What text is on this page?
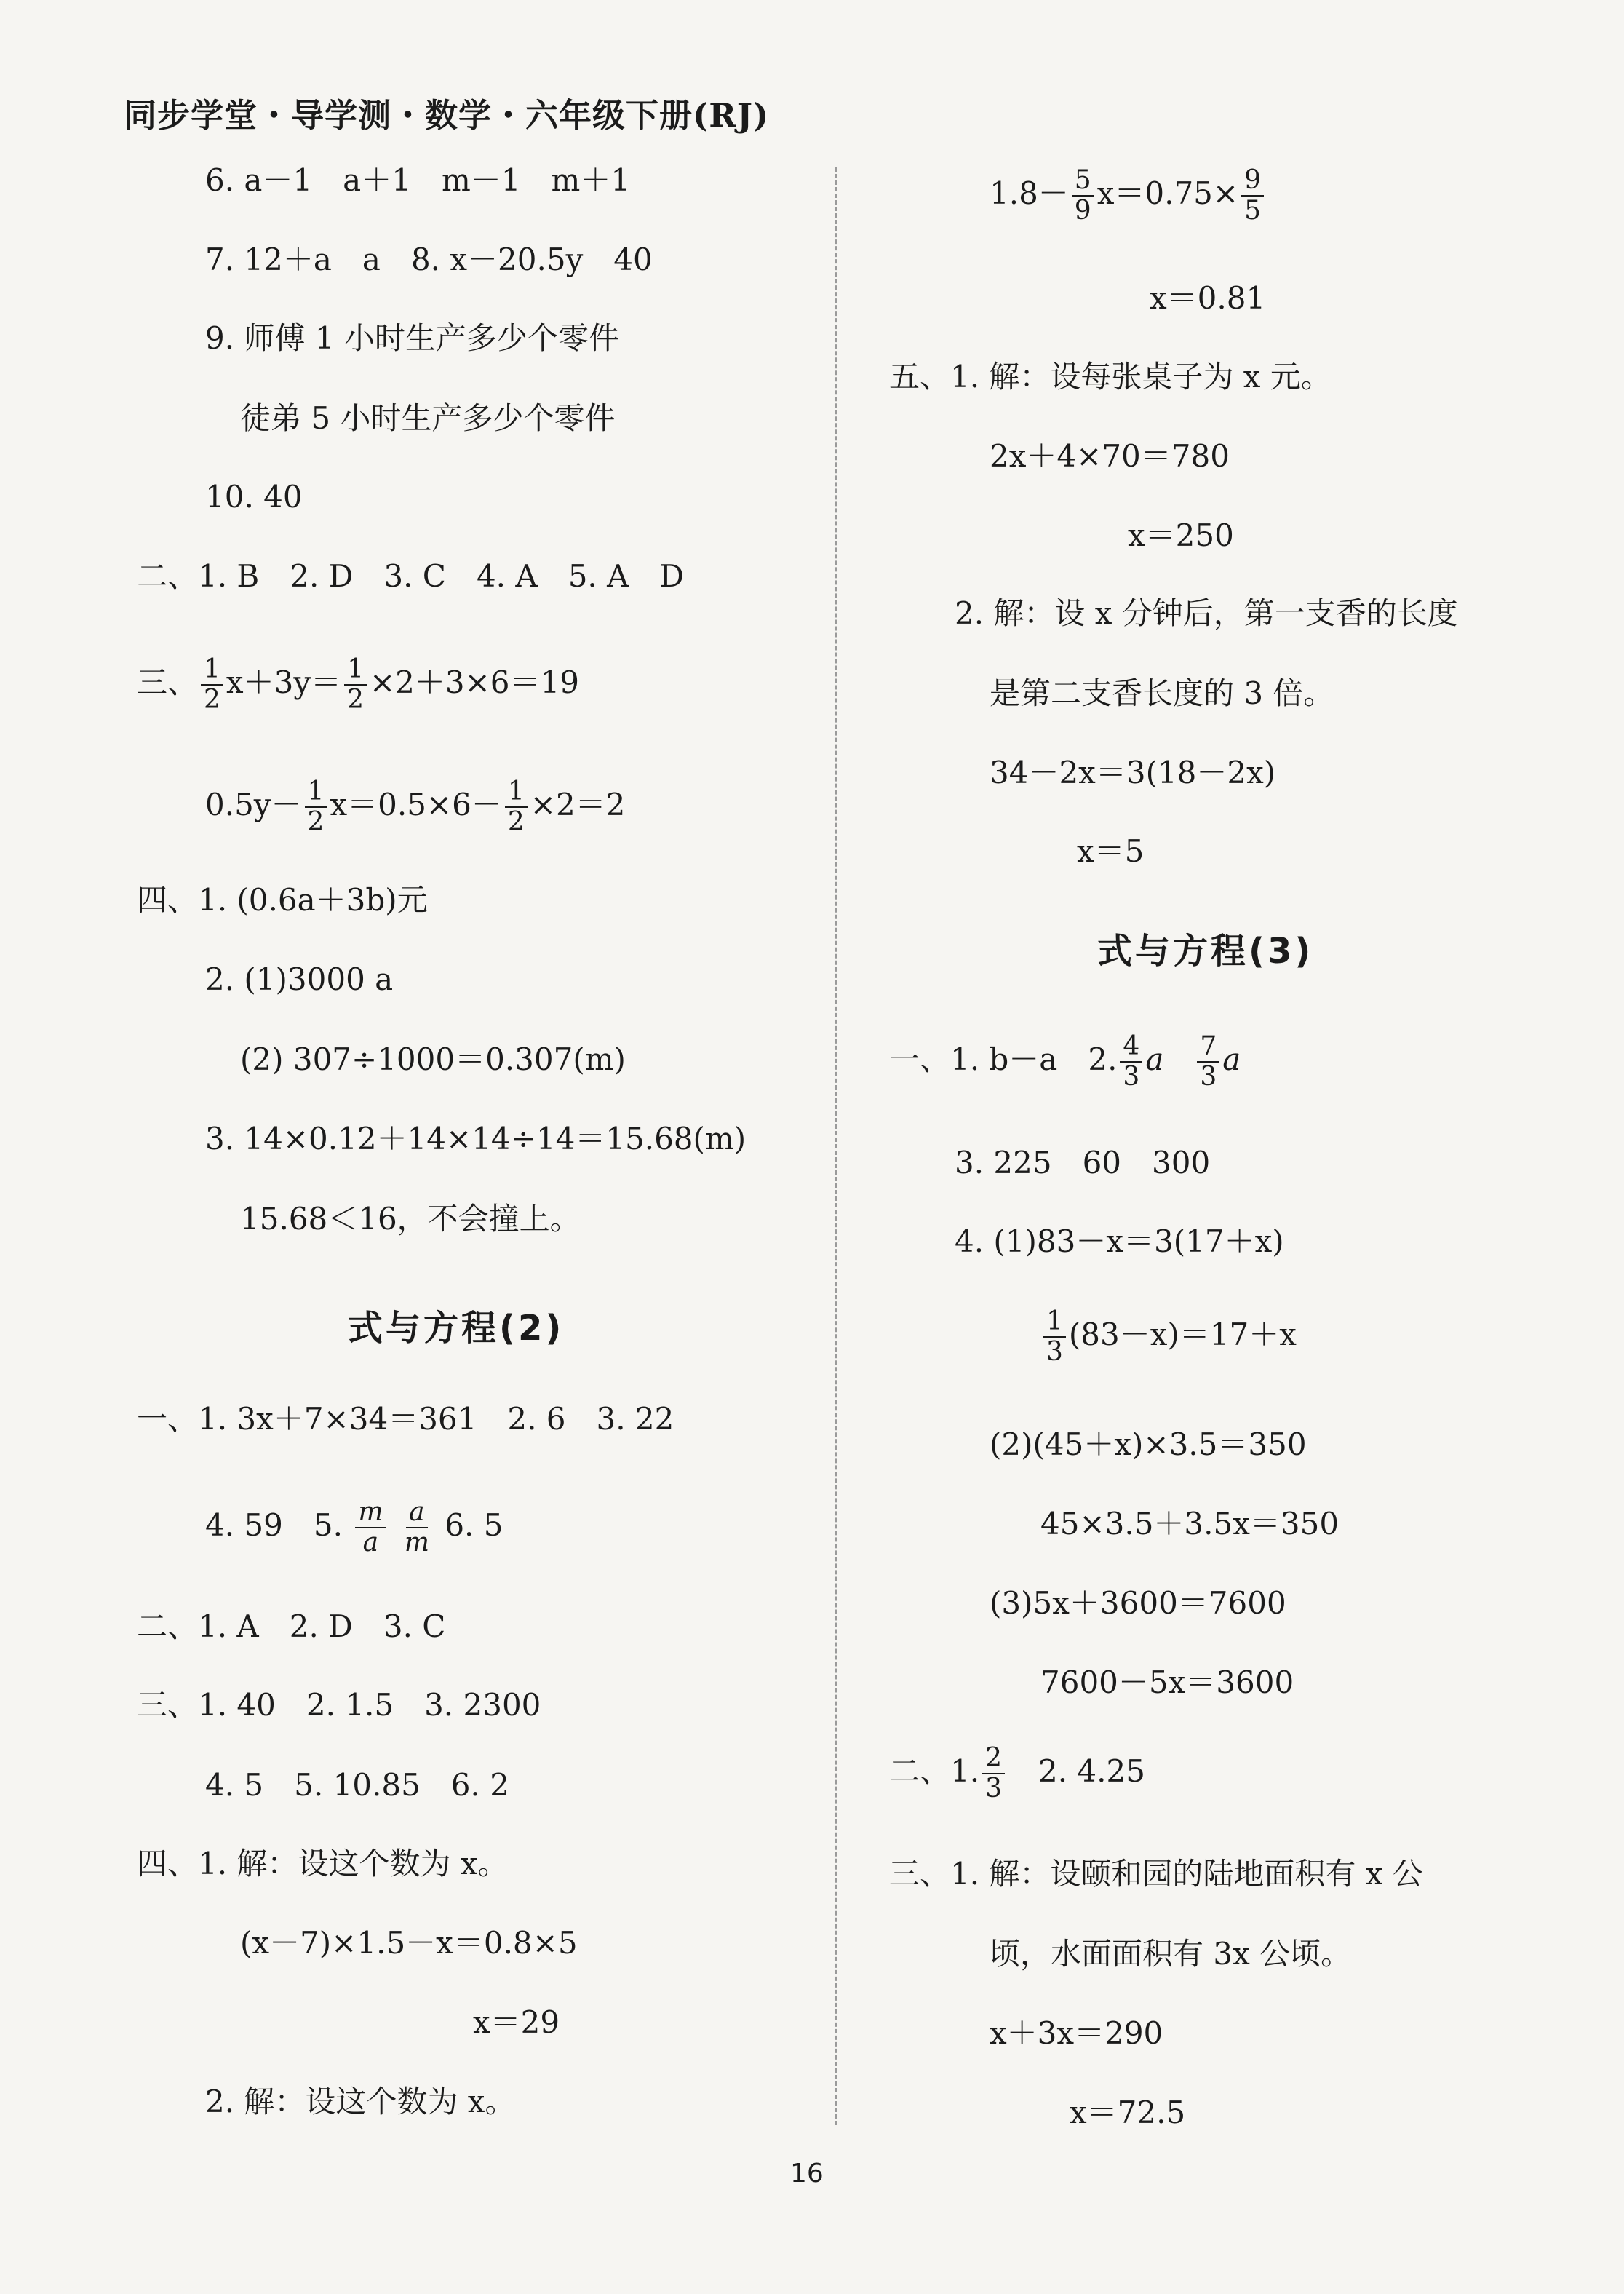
同步学堂・导学测・数学・六年级下册(RJ)
6. a－1　a＋1　m－1　m＋1
7. 12＋a　a　8. x－20.5y　40
9. 师傅 1 小时生产多少个零件
徒弟 5 小时生产多少个零件
10. 40
二、1. B　2. D　3. C　4. A　5. A　D
三、 $\frac{1}{2} x+3y= \frac{1}{2} \times 2+3\times 6=19$
$0.5y- \frac{1}{2} x=0.5\times 6- \frac{1}{2} \times 2=2$
四、1. (0.6a＋3b)元
2. (1)3000 a
(2) 307÷1000＝0.307(m)
3. 14×0.12＋14×14÷14＝15.68(m)
15.68＜16，不会撞上。
式与方程(2)
一、1. 3x＋7×34＝361　2. 6　3. 22
4. 59　5. $\frac{m}{a}$
$\frac{a}{m} 6$. 5
二、1. A　2. D　3. C
三、1. 40　2. 1.5　3. 2300
4. 5　5. 10.85　6. 2
四、1. 解：设这个数为 x。
(x－7)×1.5－x＝0.8×5
x＝29
2. 解：设这个数为 x。
$1.8- \frac{5}{9} x=0.75\times \frac{9}{5}$
x＝0.81
五、1. 解：设每张桌子为 x 元。
2x＋4×70＝780
x＝250
2. 解：设 x 分钟后，第一支香的长度
是第二支香长度的 3 倍。
34－2x＝3(18－2x)
x＝5
式与方程(3)
一、1. b－a　2. $\frac{4}{3}$ a　 $\frac{7}{3}$ a
3. 225　60　300
4. (1)83－x＝3(17＋x)
$\frac{1}{3} (83-x)=17+x$
(2)(45＋x)×3.5＝350
45×3.5＋3.5x＝350
(3)5x＋3600＝7600
7600－5x＝3600
二、1. $\frac{2}{3}$
　 2. 4.25
三、1. 解：设颐和园的陆地面积有 x 公
顷，水面面积有 3x 公顷。
x＋3x＝290
x＝72.5
16
